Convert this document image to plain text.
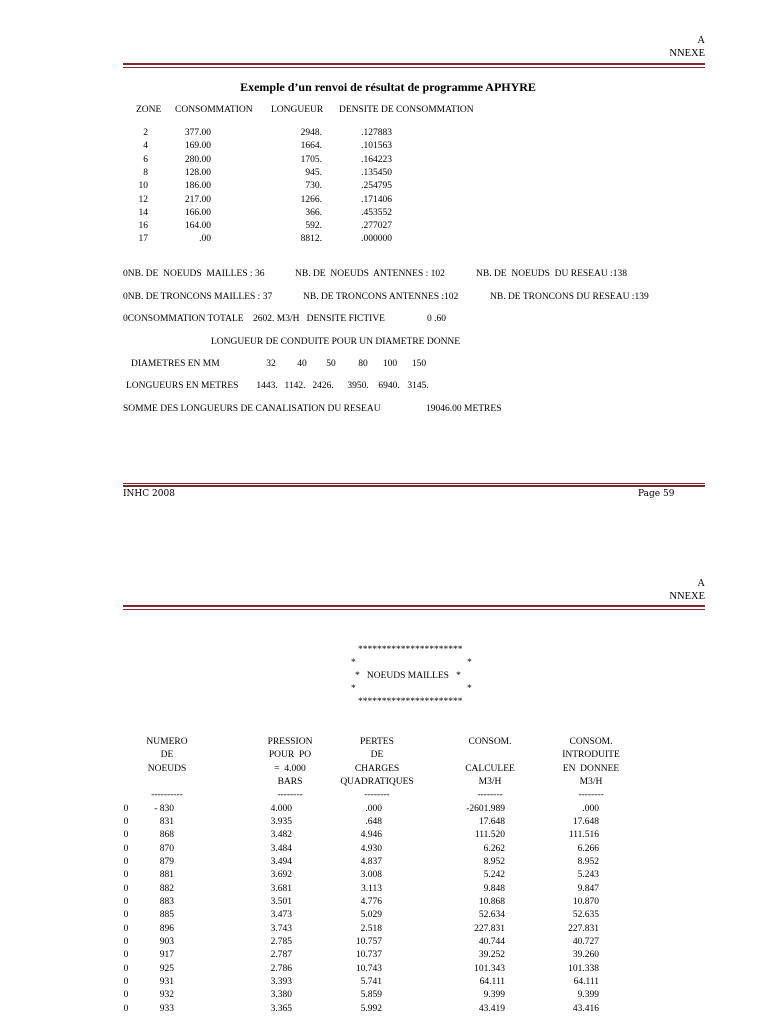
A
NNEXE
Exemple d’un renvoi de résultat de programme APHYRE
ZONE CONSOMMATION LONGUEUR DENSITE DE CONSOMMATION
2	377.00	2948.	.127883
4	169.00	1664.	.101563
6	280.00	1705.	.164223
8	128.00	945.	.135450
10	186.00	730.	.254795
12	217.00	1266.	.171406
14	166.00	366.	.453552
16	164.00	592.	.277027
17	.00	8812.	.000000
0NB. DE  NOEUDS  MAILLES : 36	NB. DE  NOEUDS  ANTENNES : 102	NB. DE  NOEUDS  DU RESEAU :138
0NB. DE TRONCONS MAILLES : 37	NB. DE TRONCONS ANTENNES :102	NB. DE TRONCONS DU RESEAU :139
0CONSOMMATION TOTALE    2602. M3/H   DENSITE FICTIVE	0 .60
LONGUEUR DE CONDUITE POUR UN DIAMETRE DONNE
DIAMETRES EN MM	32	40	50	80	100	150
LONGUEURS EN METRES	1443. 1142. 2426.	3950.	6940. 3145.
SOMME DES LONGUEURS DE CANALISATION DU RESEAU	19046.00 METRES
INHC 2008	Page 59
A
NNEXE
**********************
*	*
*   NOEUDS MAILLES   *
*	*
**********************
NUMERO
DE
NOEUDS
PRESSION
POUR  PO
=  4.000
BARS
PERTES
DE
CHARGES
QUADRATIQUES
CONSOM.
CALCULEE
M3/H
CONSOM.
INTRODUITE
EN  DONNEE
M3/H
----------	--------	--------	--------	--------
0	- 830	4.000	.000	-2601.989	.000
0	831	3.935	.648	17.648	17.648
0	868	3.482	4.946	111.520	111.516
0	870	3.484	4.930	6.262	6.266
0	879	3.494	4.837	8.952	8.952
0	881	3.692	3.008	5.242	5.243
0	882	3.681	3.113	9.848	9.847
0	883	3.501	4.776	10.868	10.870
0	885	3.473	5.029	52.634	52.635
0	896	3.743	2.518	227.831	227.831
0	903	2.785	10.757	40.744	40.727
0	917	2.787	10.737	39.252	39.260
0	925	2.786	10.743	101.343	101.338
0	931	3.393	5.741	64.111	64.111
0	932	3.380	5.859	9.399	9.399
0	933	3.365	5.992	43.419	43.416
